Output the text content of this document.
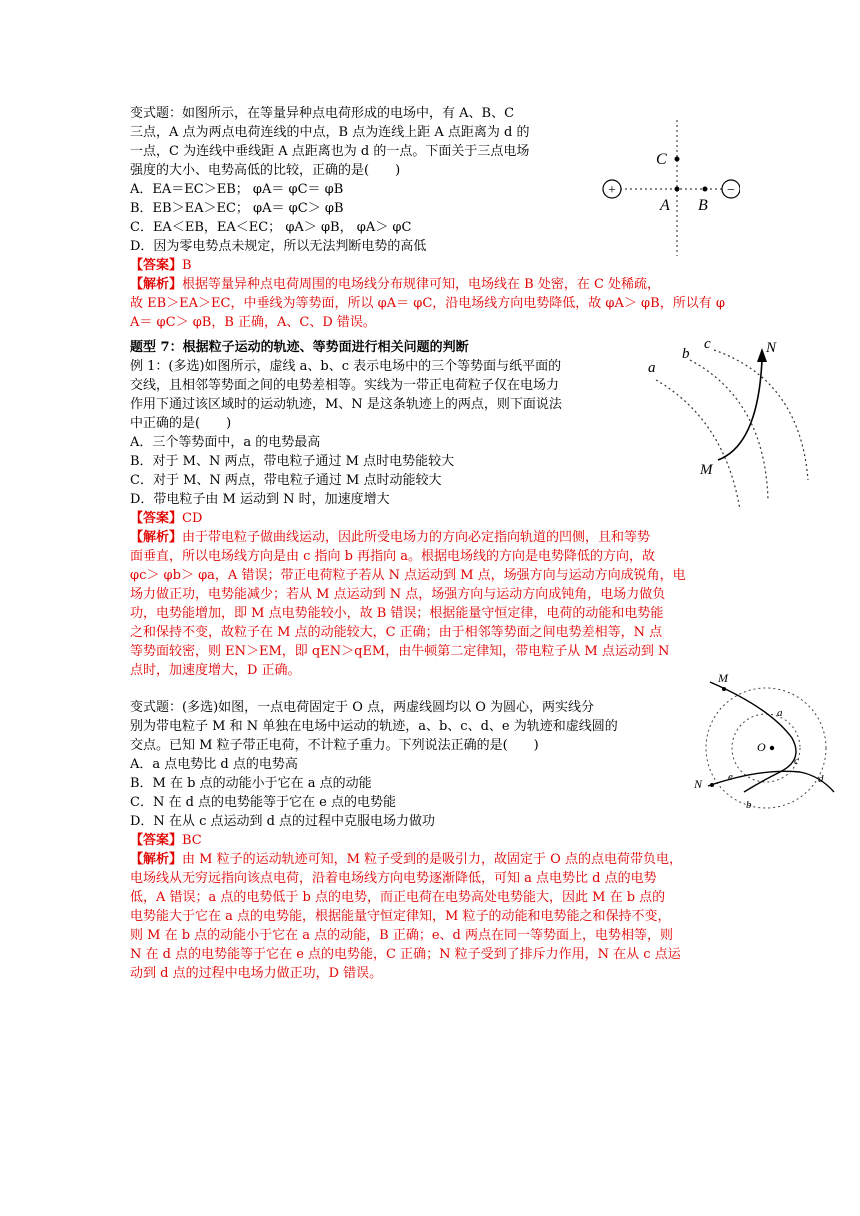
变式题：如图所示，在等量异种点电荷形成的电场中，有 A、B、C
三点，A 点为两点电荷连线的中点，B 点为连线上距 A 点距离为 d 的
一点，C 为连线中垂线距 A 点距离也为 d 的一点。下面关于三点电场
强度的大小、电势高低的比较，正确的是(　　)
A．EA＝EC＞EB； φA＝ φC＝ φB
B．EB＞EA＞EC； φA＝ φC＞ φB
C．EA＜EB，EA＜EC； φA＞ φB， φA＞ φC
D．因为零电势点未规定，所以无法判断电势的高低
【答案】B
【解析】根据等量异种点电荷周围的电场线分布规律可知，电场线在 B 处密，在 C 处稀疏，
故 EB＞EA＞EC，中垂线为等势面，所以 φA＝ φC，沿电场线方向电势降低，故 φA＞ φB，所以有 φ
A＝ φC＞ φB，B 正确，A、C、D 错误。
+	−
C
A B
题型 7：根据粒子运动的轨迹、等势面进行相关问题的判断
例 1：(多选)如图所示，虚线 a、b、c 表示电场中的三个等势面与纸平面的
交线，且相邻等势面之间的电势差相等。实线为一带正电荷粒子仅在电场力
作用下通过该区域时的运动轨迹，M、N 是这条轨迹上的两点，则下面说法
中正确的是(　　)
A．三个等势面中，a 的电势最高
B．对于 M、N 两点，带电粒子通过 M 点时电势能较大
C．对于 M、N 两点，带电粒子通过 M 点时动能较大
D．带电粒子由 M 运动到 N 时，加速度增大
【答案】CD
【解析】由于带电粒子做曲线运动，因此所受电场力的方向必定指向轨道的凹侧，且和等势
面垂直，所以电场线方向是由 c 指向 b 再指向 a。根据电场线的方向是电势降低的方向，故
φc＞ φb＞ φa，A 错误；带正电荷粒子若从 N 点运动到 M 点，场强方向与运动方向成锐角，电
场力做正功，电势能减少；若从 M 点运动到 N 点，场强方向与运动方向成钝角，电场力做负
功，电势能增加，即 M 点电势能较小，故 B 错误；根据能量守恒定律，电荷的动能和电势能
之和保持不变，故粒子在 M 点的动能较大，C 正确；由于相邻等势面之间电势差相等，N 点
等势面较密，则 EN＞EM，即 qEN＞qEM，由牛顿第二定律知，带电粒子从 M 点运动到 N
点时，加速度增大，D 正确。
a
b
c	N
M
变式题：(多选)如图，一点电荷固定于 O 点，两虚线圆均以 O 为圆心，两实线分
别为带电粒子 M 和 N 单独在电场中运动的轨迹，a、b、c、d、e 为轨迹和虚线圆的
交点。已知 M 粒子带正电荷，不计粒子重力。下列说法正确的是(　　)
A．a 点电势比 d 点的电势高
B．M 在 b 点的动能小于它在 a 点的动能
C．N 在 d 点的电势能等于它在 e 点的电势能
D．N 在从 c 点运动到 d 点的过程中克服电场力做功
【答案】BC
【解析】由 M 粒子的运动轨迹可知，M 粒子受到的是吸引力，故固定于 O 点的点电荷带负电，
电场线从无穷远指向该点电荷，沿着电场线方向电势逐渐降低，可知 a 点电势比 d 点的电势
低，A 错误；a 点的电势低于 b 点的电势，而正电荷在电势高处电势能大，因此 M 在 b 点的
电势能大于它在 a 点的电势能，根据能量守恒定律知，M 粒子的动能和电势能之和保持不变，
则 M 在 b 点的动能小于它在 a 点的动能，B 正确；e、d 两点在同一等势面上，电势相等，则
N 在 d 点的电势能等于它在 e 点的电势能，C 正确；N 粒子受到了排斥力作用，N 在从 c 点运
动到 d 点的过程中电场力做正功，D 错误。
M
N
O
a
b
c
d
e
